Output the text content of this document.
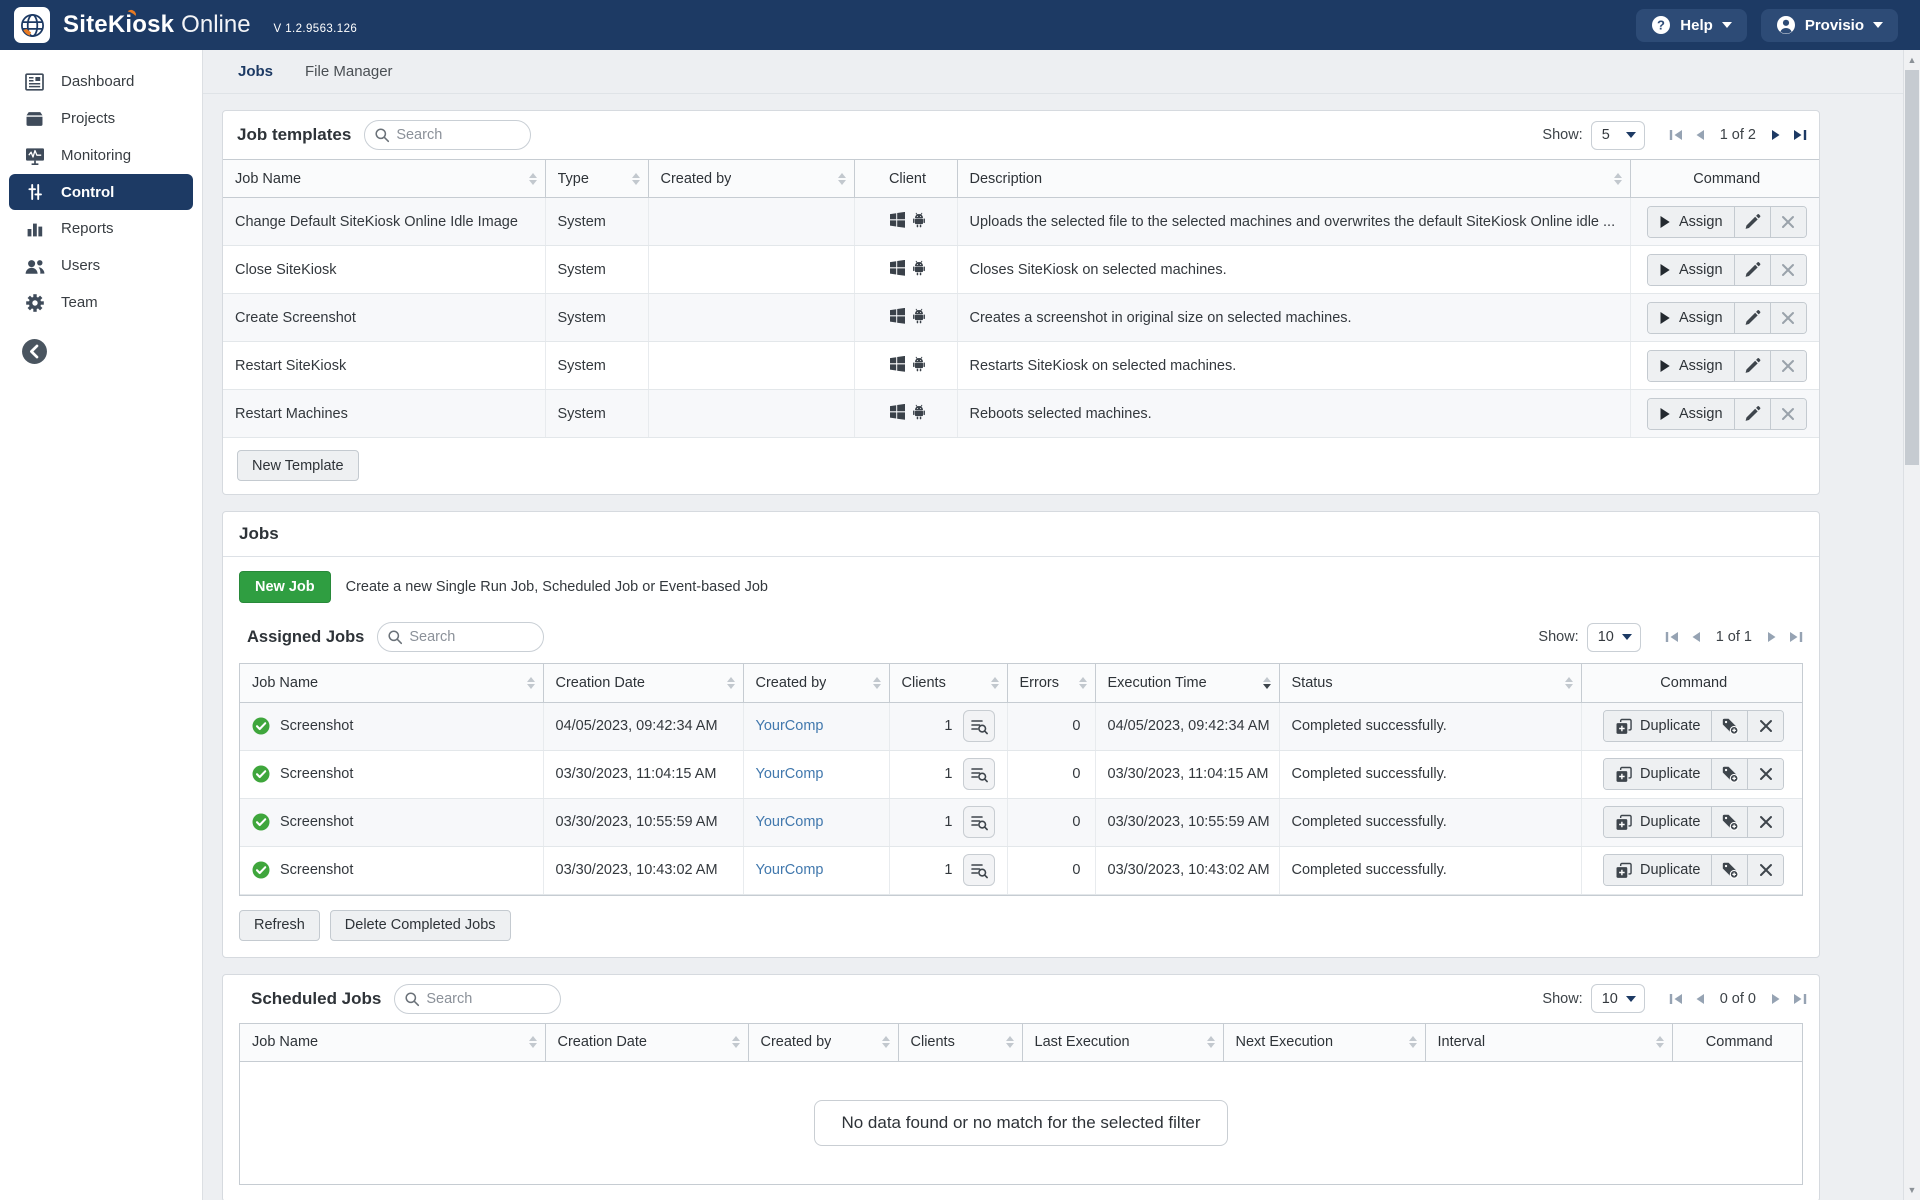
SiteKiosk Online V 1.2.9563.126	Help	Provisio
Dashboard
Projects
Monitoring
Control
Reports
Users
Team
Jobs File Manager
Job templates
Search	Show: 5	1 of 2
Job Name	Type	Created by	Client	Description	Command
Change Default SiteKiosk Online Idle Image	System			Uploads the selected file to the selected machines and overwrites the default SiteKiosk Online idle ...	Assign

Close SiteKiosk	System			Closes SiteKiosk on selected machines.	Assign

Create Screenshot	System			Creates a screenshot in original size on selected machines.	Assign

Restart SiteKiosk	System			Restarts SiteKiosk on selected machines.	Assign

Restart Machines	System			Reboots selected machines.	Assign
New Template
Jobs
New Job	Create a new Single Run Job, Scheduled Job or Event-based Job
Assigned Jobs
Search	Show: 10	1 of 1
Job Name	Creation Date	Created by	Clients	Errors	Execution Time	Status	Command

Screenshot	04/05/2023, 09:42:34 AM	YourComp	1	0	04/05/2023, 09:42:34 AM	Completed successfully.	Duplicate

Screenshot	03/30/2023, 11:04:15 AM	YourComp	1	0	03/30/2023, 11:04:15 AM	Completed successfully.	Duplicate

Screenshot	03/30/2023, 10:55:59 AM	YourComp	1	0	03/30/2023, 10:55:59 AM	Completed successfully.	Duplicate

Screenshot	03/30/2023, 10:43:02 AM	YourComp	1	0	03/30/2023, 10:43:02 AM	Completed successfully.	Duplicate
Refresh	Delete Completed Jobs
Scheduled Jobs
Search	Show: 10	0 of 0
Job Name	Creation Date	Created by	Clients	Last Execution	Next Execution	Interval	Command
No data found or no match for the selected filter
▲
▼
